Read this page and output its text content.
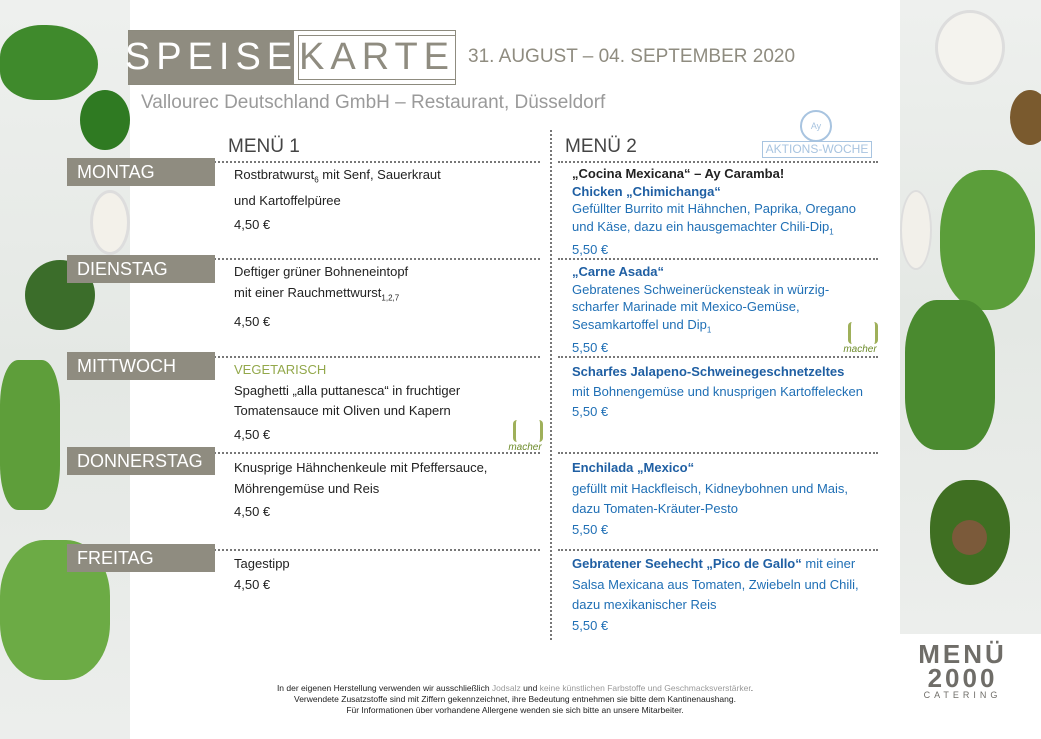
SPEISE KARTE 31. AUGUST – 04. SEPTEMBER 2020
Vallourec Deutschland GmbH – Restaurant, Düsseldorf
MENÜ 1	MENÜ 2
Ay
AKTIONS-WOCHE
MONTAG	Rostbratwurst$_6$ mit Senf, Sauerkraut
und Kartoffelpüree
4,50 €
„Cocina Mexicana“ – Ay Caramba!
Chicken „Chimichanga“
Gefüllter Burrito mit Hähnchen, Paprika, Oregano
und Käse, dazu ein hausgemachter Chili-Dip$_1$
5,50 €
DIENSTAG	Deftiger grüner Bohneneintopf
mit einer Rauchmettwurst$_{1,2,7}$
4,50 €
„Carne Asada“
Gebratenes Schweinerückensteak in würzig-
scharfer Marinade mit Mexico-Gemüse,
Sesamkartoffel und Dip$_1$
5,50 €	macher
MITTWOCH	VEGETARISCH
Spaghetti „alla puttanesca“ in fruchtiger
Tomatensauce mit Oliven und Kapern
4,50 €
macher
Scharfes Jalapeno-Schweinegeschnetzeltes
mit Bohnengemüse und knusprigen Kartoffelecken
5,50 €
DONNERSTAG	Knusprige Hähnchenkeule mit Pfeffersauce,
Möhrengemüse und Reis
4,50 €
Enchilada „Mexico“
gefüllt mit Hackfleisch, Kidneybohnen und Mais,
dazu Tomaten-Kräuter-Pesto
5,50 €
FREITAG	Tagestipp
4,50 €
Gebratener Seehecht „Pico de Gallo“ mit einer
Salsa Mexicana aus Tomaten, Zwiebeln und Chili,
dazu mexikanischer Reis
5,50 €
In der eigenen Herstellung verwenden wir ausschließlich Jodsalz und keine künstlichen Farbstoffe und Geschmacksverstärker.
Verwendete Zusatzstoffe sind mit Ziffern gekennzeichnet, ihre Bedeutung entnehmen sie bitte dem Kantinenaushang.
Für Informationen über vorhandene Allergene wenden sie sich bitte an unsere Mitarbeiter.
MENÜ
2000
CATERING
